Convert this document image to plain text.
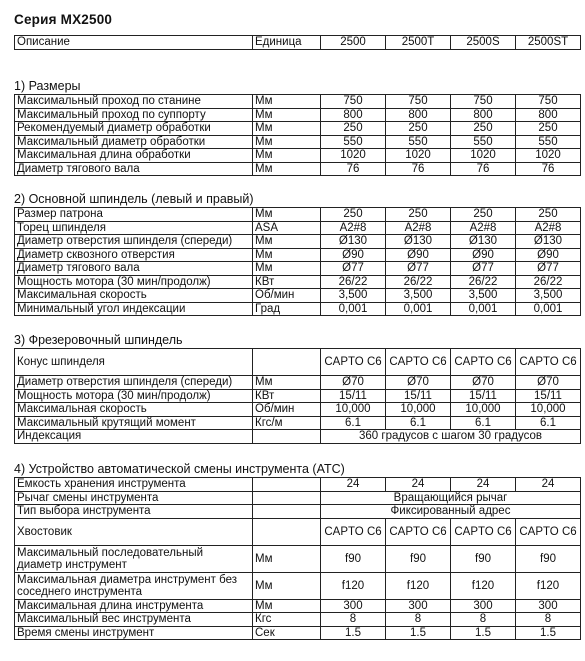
Серия МХ2500
Описание	Единица	2500	2500T	2500S	2500ST
1) Размеры
Максимальный проход по станине	Мм	750	750	750	750
Максимальный проход по суппорту	Мм	800	800	800	800
Рекомендуемый диаметр обработки	Мм	250	250	250	250
Максимальный диаметр обработки	Мм	550	550	550	550
Максимальная длина обработки	Мм	1020	1020	1020	1020
Диаметр тягового вала	Мм	76	76	76	76
2) Основной шпиндель (левый и правый)
Размер патрона	Мм	250	250	250	250
Торец шпинделя	ASA	A2#8	A2#8	A2#8	A2#8
Диаметр отверстия шпинделя (спереди)	Мм	Ø130	Ø130	Ø130	Ø130
Диаметр сквозного отверстия	Мм	Ø90	Ø90	Ø90	Ø90
Диаметр тягового вала	Мм	Ø77	Ø77	Ø77	Ø77
Мощность мотора (30 мин/продолж)	КВт	26/22	26/22	26/22	26/22
Максимальная скорость	Об/мин	3,500	3,500	3,500	3,500
Минимальный угол индексации	Град	0,001	0,001	0,001	0,001
3) Фрезеровочный шпиндель
Конус шпинделя		CAPTO C6	CAPTO C6	CAPTO C6	CAPTO C6
Диаметр отверстия шпинделя (спереди)	Мм	Ø70	Ø70	Ø70	Ø70
Мощность мотора (30 мин/продолж)	КВт	15/11	15/11	15/11	15/11
Максимальная скорость	Об/мин	10,000	10,000	10,000	10,000
Максимальный крутящий момент	Кгс/м	6.1	6.1	6.1	6.1
Индексация		360 градусов с шагом 30 градусов			
4) Устройство автоматической смены инструмента (ATC)
Емкость хранения инструмента		24	24	24	24
Рычаг смены инструмента		Вращающийся рычаг			
Тип выбора инструмента		Фиксированный адрес			
Хвостовик		CAPTO C6	CAPTO C6	CAPTO C6	CAPTO C6
Максимальный последовательный диаметр инструмент	Мм	f90	f90	f90	f90
Максимальная диаметра инструмент без соседнего инструмента	Мм	f120	f120	f120	f120
Максимальная длина инструмента	Мм	300	300	300	300
Максимальный вес инструмента	Кгс	8	8	8	8
Время смены инструмент	Сек	1.5	1.5	1.5	1.5
